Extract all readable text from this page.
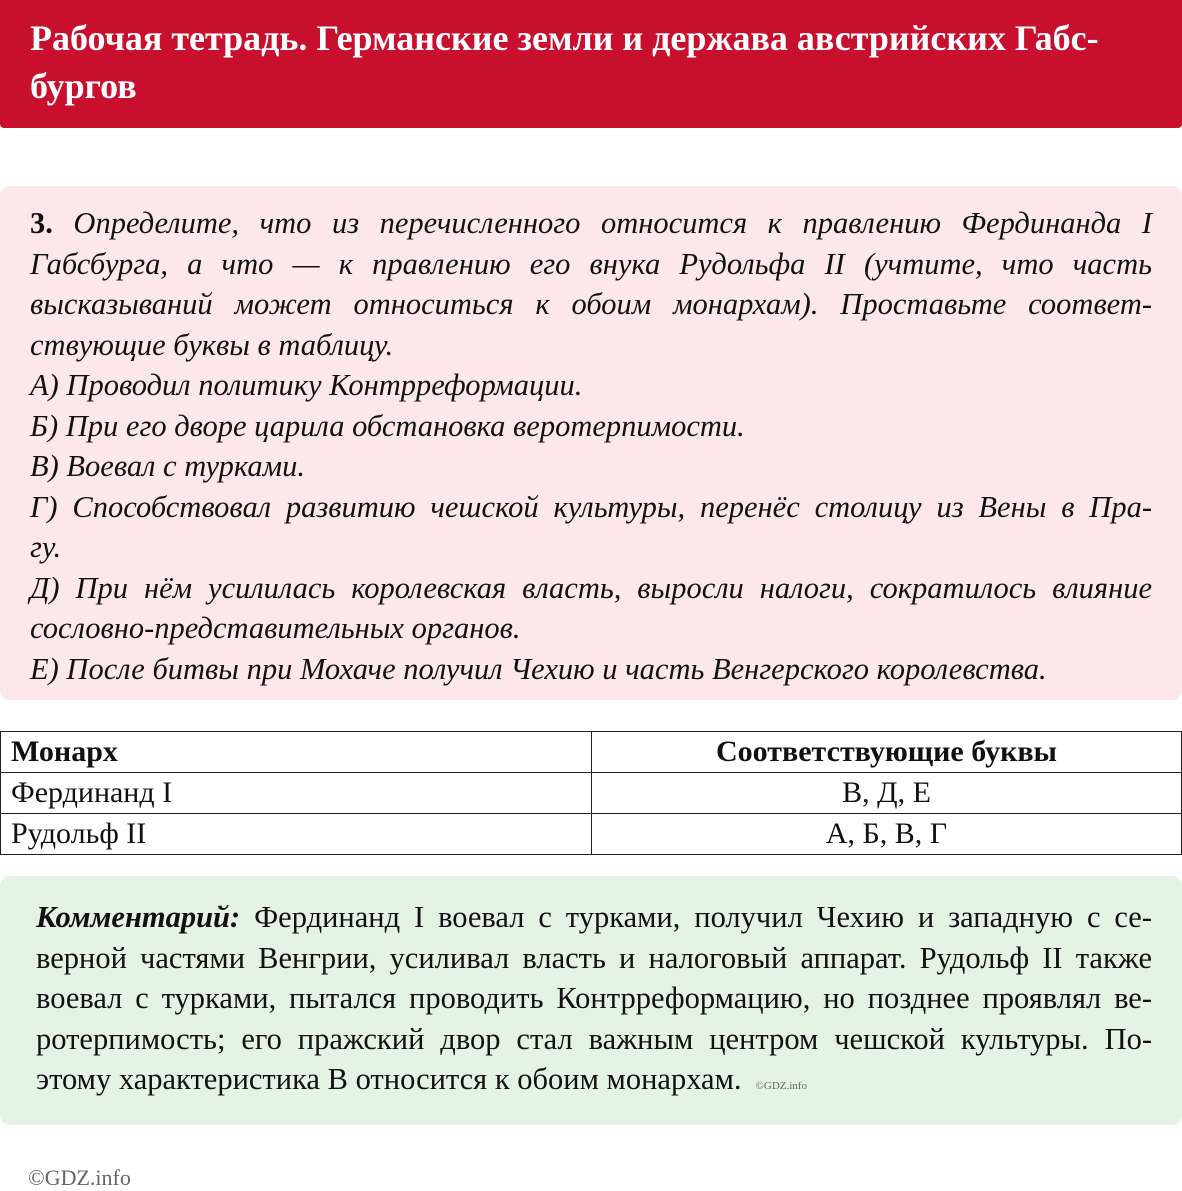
Рабочая тетрадь. Германские земли и держава австрийских Габс-
бургов

3. Определите, что из перечисленного относится к правлению Фердинанда I

Габсбурга, а что — к правлению его внука Рудольфа II (учтите, что часть

высказываний может относиться к обоим монархам). Проставьте соответ-

ствующие буквы в таблицу.

А) Проводил политику Контрреформации.

Б) При его дворе царила обстановка веротерпимости.

В) Воевал с турками.

Г) Способствовал развитию чешской культуры, перенёс столицу из Вены в Пра-

гу.

Д) При нём усилилась королевская власть, выросли налоги, сократилось влияние

сословно-представительных органов.

Е) После битвы при Мохаче получил Чехию и часть Венгерского королевства.

Монарх	Соответствующие буквы
Фердинанд I	В, Д, Е
Рудольф II	А, Б, В, Г

Комментарий: Фердинанд I воевал с турками, получил Чехию и западную с се-

верной частями Венгрии, усиливал власть и налоговый аппарат. Рудольф II также

воевал с турками, пытался проводить Контрреформацию, но позднее проявлял ве-

ротерпимость; его пражский двор стал важным центром чешской культуры. По-

этому характеристика В относится к обоим монархам. ©GDZ.info

©GDZ.info
